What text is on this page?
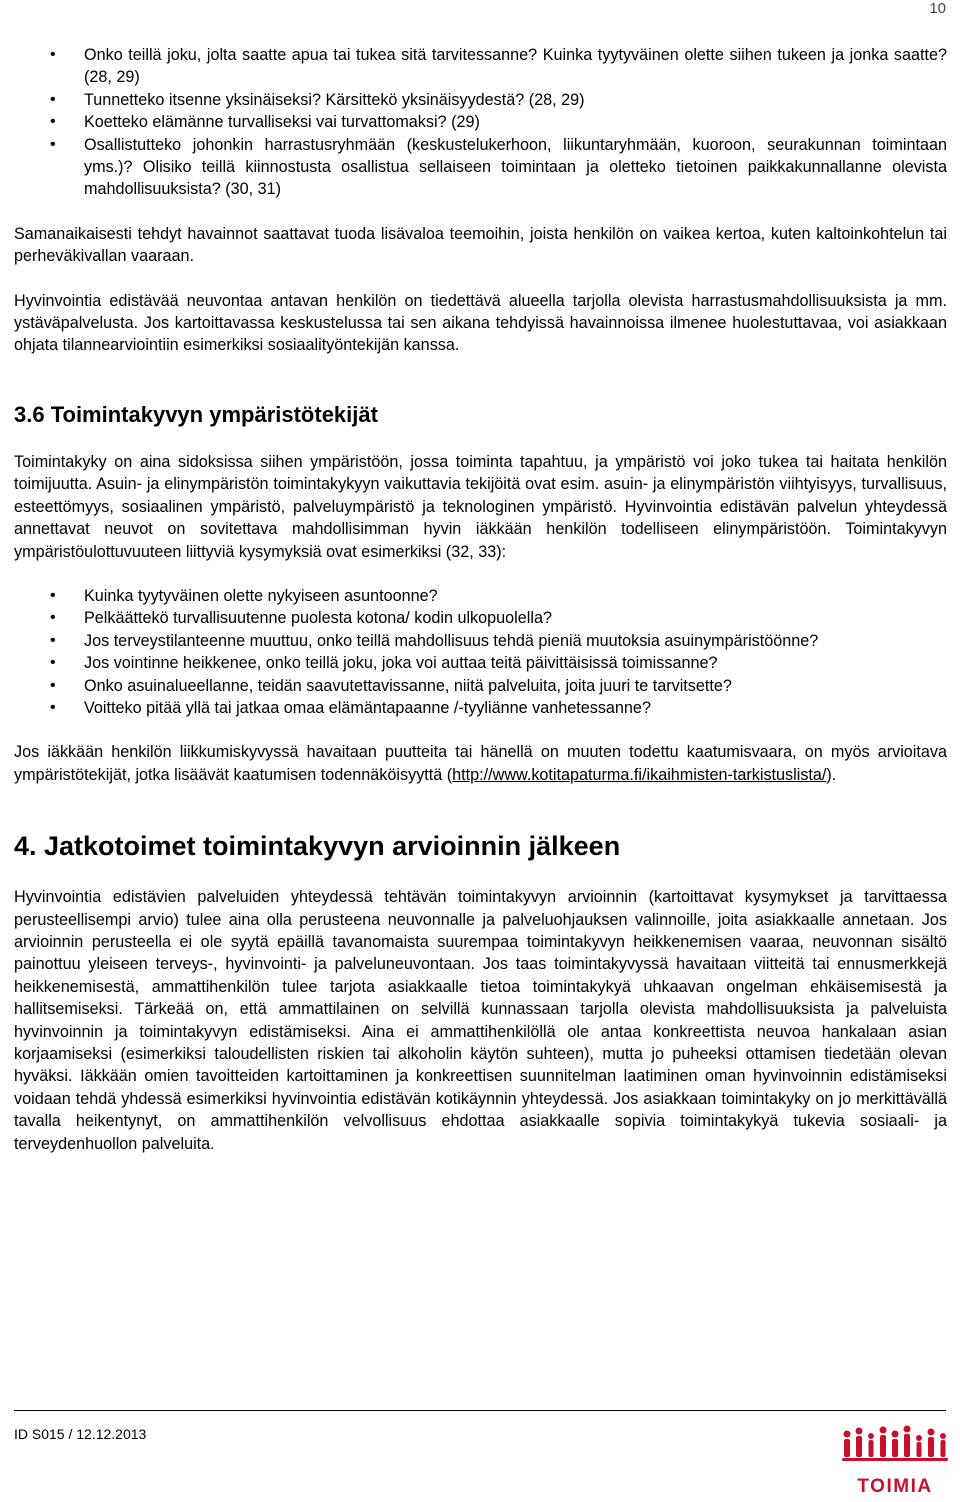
10
• Onko teillä joku, jolta saatte apua tai tukea sitä tarvitessanne? Kuinka tyytyväinen olette siihen tukeen ja jonka saatte? (28, 29)
• Tunnetteko itsenne yksinäiseksi? Kärsittekö yksinäisyydestä? (28, 29)
• Koetteko elämänne turvalliseksi vai turvattomaksi? (29)
• Osallistutteko johonkin harrastusryhmään (keskustelukerhoon, liikuntaryhmään, kuoroon, seurakunnan toimintaan yms.)? Olisiko teillä kiinnostusta osallistua sellaiseen toimintaan ja oletteko tietoinen paikkakunnallanne olevista mahdollisuuksista? (30, 31)

Samanaikaisesti tehdyt havainnot saattavat tuoda lisävaloa teemoihin, joista henkilön on vaikea kertoa, kuten kaltoinkohtelun tai perheväkivallan vaaraan.

Hyvinvointia edistävää neuvontaa antavan henkilön on tiedettävä alueella tarjolla olevista harrastusmahdollisuuksista ja mm. ystäväpalvelusta. Jos kartoittavassa keskustelussa tai sen aikana tehdyissä havainnoissa ilmenee huolestuttavaa, voi asiakkaan ohjata tilannearviointiin esimerkiksi sosiaalityöntekijän kanssa.

3.6 Toimintakyvyn ympäristötekijät

Toimintakyky on aina sidoksissa siihen ympäristöön, jossa toiminta tapahtuu, ja ympäristö voi joko tukea tai haitata henkilön toimijuutta. Asuin- ja elinympäristön toimintakykyyn vaikuttavia tekijöitä ovat esim. asuin- ja elinympäristön viihtyisyys, turvallisuus, esteettömyys, sosiaalinen ympäristö, palveluympäristö ja teknologinen ympäristö. Hyvinvointia edistävän palvelun yhteydessä annettavat neuvot on sovitettava mahdollisimman hyvin iäkkään henkilön todelliseen elinympäristöön. Toimintakyvyn ympäristöulottuvuuteen liittyviä kysymyksiä ovat esimerkiksi (32, 33):

• Kuinka tyytyväinen olette nykyiseen asuntoonne?
• Pelkäättekö turvallisuutenne puolesta kotona/ kodin ulkopuolella?
• Jos terveystilanteenne muuttuu, onko teillä mahdollisuus tehdä pieniä muutoksia asuinympäristöönne?
• Jos vointinne heikkenee, onko teillä joku, joka voi auttaa teitä päivittäisissä toimissanne?
• Onko asuinalueellanne, teidän saavutettavissanne, niitä palveluita, joita juuri te tarvitsette?
• Voitteko pitää yllä tai jatkaa omaa elämäntapaanne /-tyyliänne vanhetessanne?

Jos iäkkään henkilön liikkumiskyvyssä havaitaan puutteita tai hänellä on muuten todettu kaatumisvaara, on myös arvioitava ympäristötekijät, jotka lisäävät kaatumisen todennäköisyyttä (http://www.kotitapaturma.fi/ikaihmisten-tarkistuslista/).

4. Jatkotoimet toimintakyvyn arvioinnin jälkeen

Hyvinvointia edistävien palveluiden yhteydessä tehtävän toimintakyvyn arvioinnin (kartoittavat kysymykset ja tarvittaessa perusteellisempi arvio) tulee aina olla perusteena neuvonnalle ja palveluohjauksen valinnoille, joita asiakkaalle annetaan. Jos arvioinnin perusteella ei ole syytä epäillä tavanomaista suurempaa toimintakyvyn heikkenemisen vaaraa, neuvonnan sisältö painottuu yleiseen terveys-, hyvinvointi- ja palveluneuvontaan. Jos taas toimintakyvyssä havaitaan viitteitä tai ennusmerkkejä heikkenemisestä, ammattihenkilön tulee tarjota asiakkaalle tietoa toimintakykyä uhkaavan ongelman ehkäisemisestä ja hallitsemiseksi. Tärkeää on, että ammattilainen on selvillä kunnassaan tarjolla olevista mahdollisuuksista ja palveluista hyvinvoinnin ja toimintakyvyn edistämiseksi. Aina ei ammattihenkilöllä ole antaa konkreettista neuvoa hankalaan asian korjaamiseksi (esimerkiksi taloudellisten riskien tai alkoholin käytön suhteen), mutta jo puheeksi ottamisen tiedetään olevan hyväksi. Iäkkään omien tavoitteiden kartoittaminen ja konkreettisen suunnitelman laatiminen oman hyvinvoinnin edistämiseksi voidaan tehdä yhdessä esimerkiksi hyvinvointia edistävän kotikäynnin yhteydessä. Jos asiakkaan toimintakyky on jo merkittävällä tavalla heikentynyt, on ammattihenkilön velvollisuus ehdottaa asiakkaalle sopivia toimintakykyä tukevia sosiaali- ja terveydenhuollon palveluita.

ID S015 / 12.12.2013
TOIMIA
